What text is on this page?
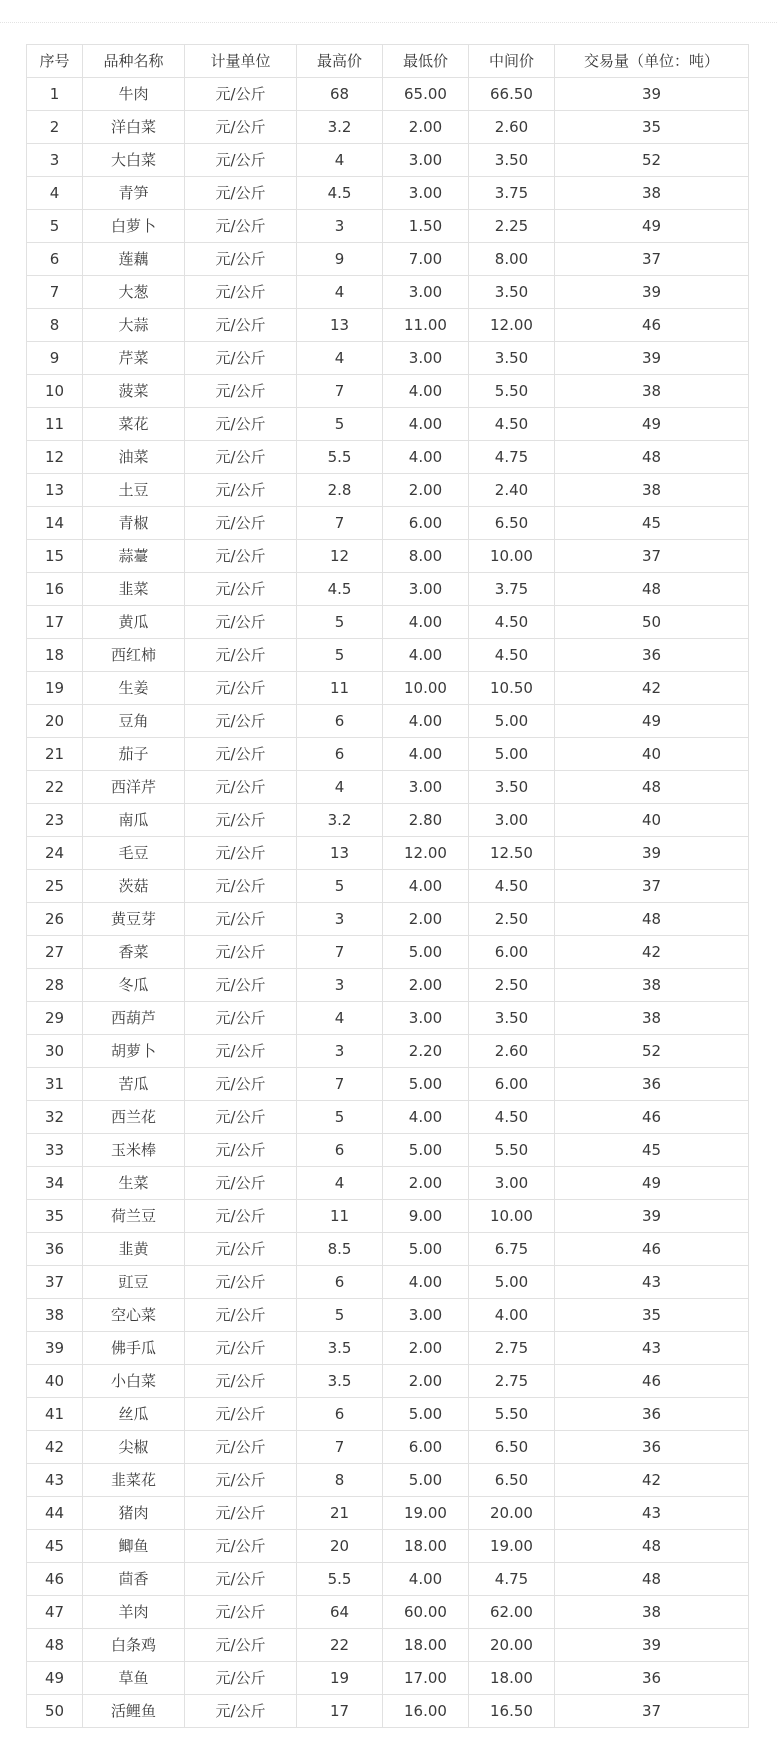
序号	品种名称	计量单位	最高价	最低价	中间价	交易量（单位：吨）
1	牛肉	元/公斤	68	65.00	66.50	39
2	洋白菜	元/公斤	3.2	2.00	2.60	35
3	大白菜	元/公斤	4	3.00	3.50	52
4	青笋	元/公斤	4.5	3.00	3.75	38
5	白萝卜	元/公斤	3	1.50	2.25	49
6	莲藕	元/公斤	9	7.00	8.00	37
7	大葱	元/公斤	4	3.00	3.50	39
8	大蒜	元/公斤	13	11.00	12.00	46
9	芹菜	元/公斤	4	3.00	3.50	39
10	菠菜	元/公斤	7	4.00	5.50	38
11	菜花	元/公斤	5	4.00	4.50	49
12	油菜	元/公斤	5.5	4.00	4.75	48
13	土豆	元/公斤	2.8	2.00	2.40	38
14	青椒	元/公斤	7	6.00	6.50	45
15	蒜薹	元/公斤	12	8.00	10.00	37
16	韭菜	元/公斤	4.5	3.00	3.75	48
17	黄瓜	元/公斤	5	4.00	4.50	50
18	西红柿	元/公斤	5	4.00	4.50	36
19	生姜	元/公斤	11	10.00	10.50	42
20	豆角	元/公斤	6	4.00	5.00	49
21	茄子	元/公斤	6	4.00	5.00	40
22	西洋芹	元/公斤	4	3.00	3.50	48
23	南瓜	元/公斤	3.2	2.80	3.00	40
24	毛豆	元/公斤	13	12.00	12.50	39
25	茨菇	元/公斤	5	4.00	4.50	37
26	黄豆芽	元/公斤	3	2.00	2.50	48
27	香菜	元/公斤	7	5.00	6.00	42
28	冬瓜	元/公斤	3	2.00	2.50	38
29	西葫芦	元/公斤	4	3.00	3.50	38
30	胡萝卜	元/公斤	3	2.20	2.60	52
31	苦瓜	元/公斤	7	5.00	6.00	36
32	西兰花	元/公斤	5	4.00	4.50	46
33	玉米棒	元/公斤	6	5.00	5.50	45
34	生菜	元/公斤	4	2.00	3.00	49
35	荷兰豆	元/公斤	11	9.00	10.00	39
36	韭黄	元/公斤	8.5	5.00	6.75	46
37	豇豆	元/公斤	6	4.00	5.00	43
38	空心菜	元/公斤	5	3.00	4.00	35
39	佛手瓜	元/公斤	3.5	2.00	2.75	43
40	小白菜	元/公斤	3.5	2.00	2.75	46
41	丝瓜	元/公斤	6	5.00	5.50	36
42	尖椒	元/公斤	7	6.00	6.50	36
43	韭菜花	元/公斤	8	5.00	6.50	42
44	猪肉	元/公斤	21	19.00	20.00	43
45	鲫鱼	元/公斤	20	18.00	19.00	48
46	茴香	元/公斤	5.5	4.00	4.75	48
47	羊肉	元/公斤	64	60.00	62.00	38
48	白条鸡	元/公斤	22	18.00	20.00	39
49	草鱼	元/公斤	19	17.00	18.00	36
50	活鲤鱼	元/公斤	17	16.00	16.50	37
